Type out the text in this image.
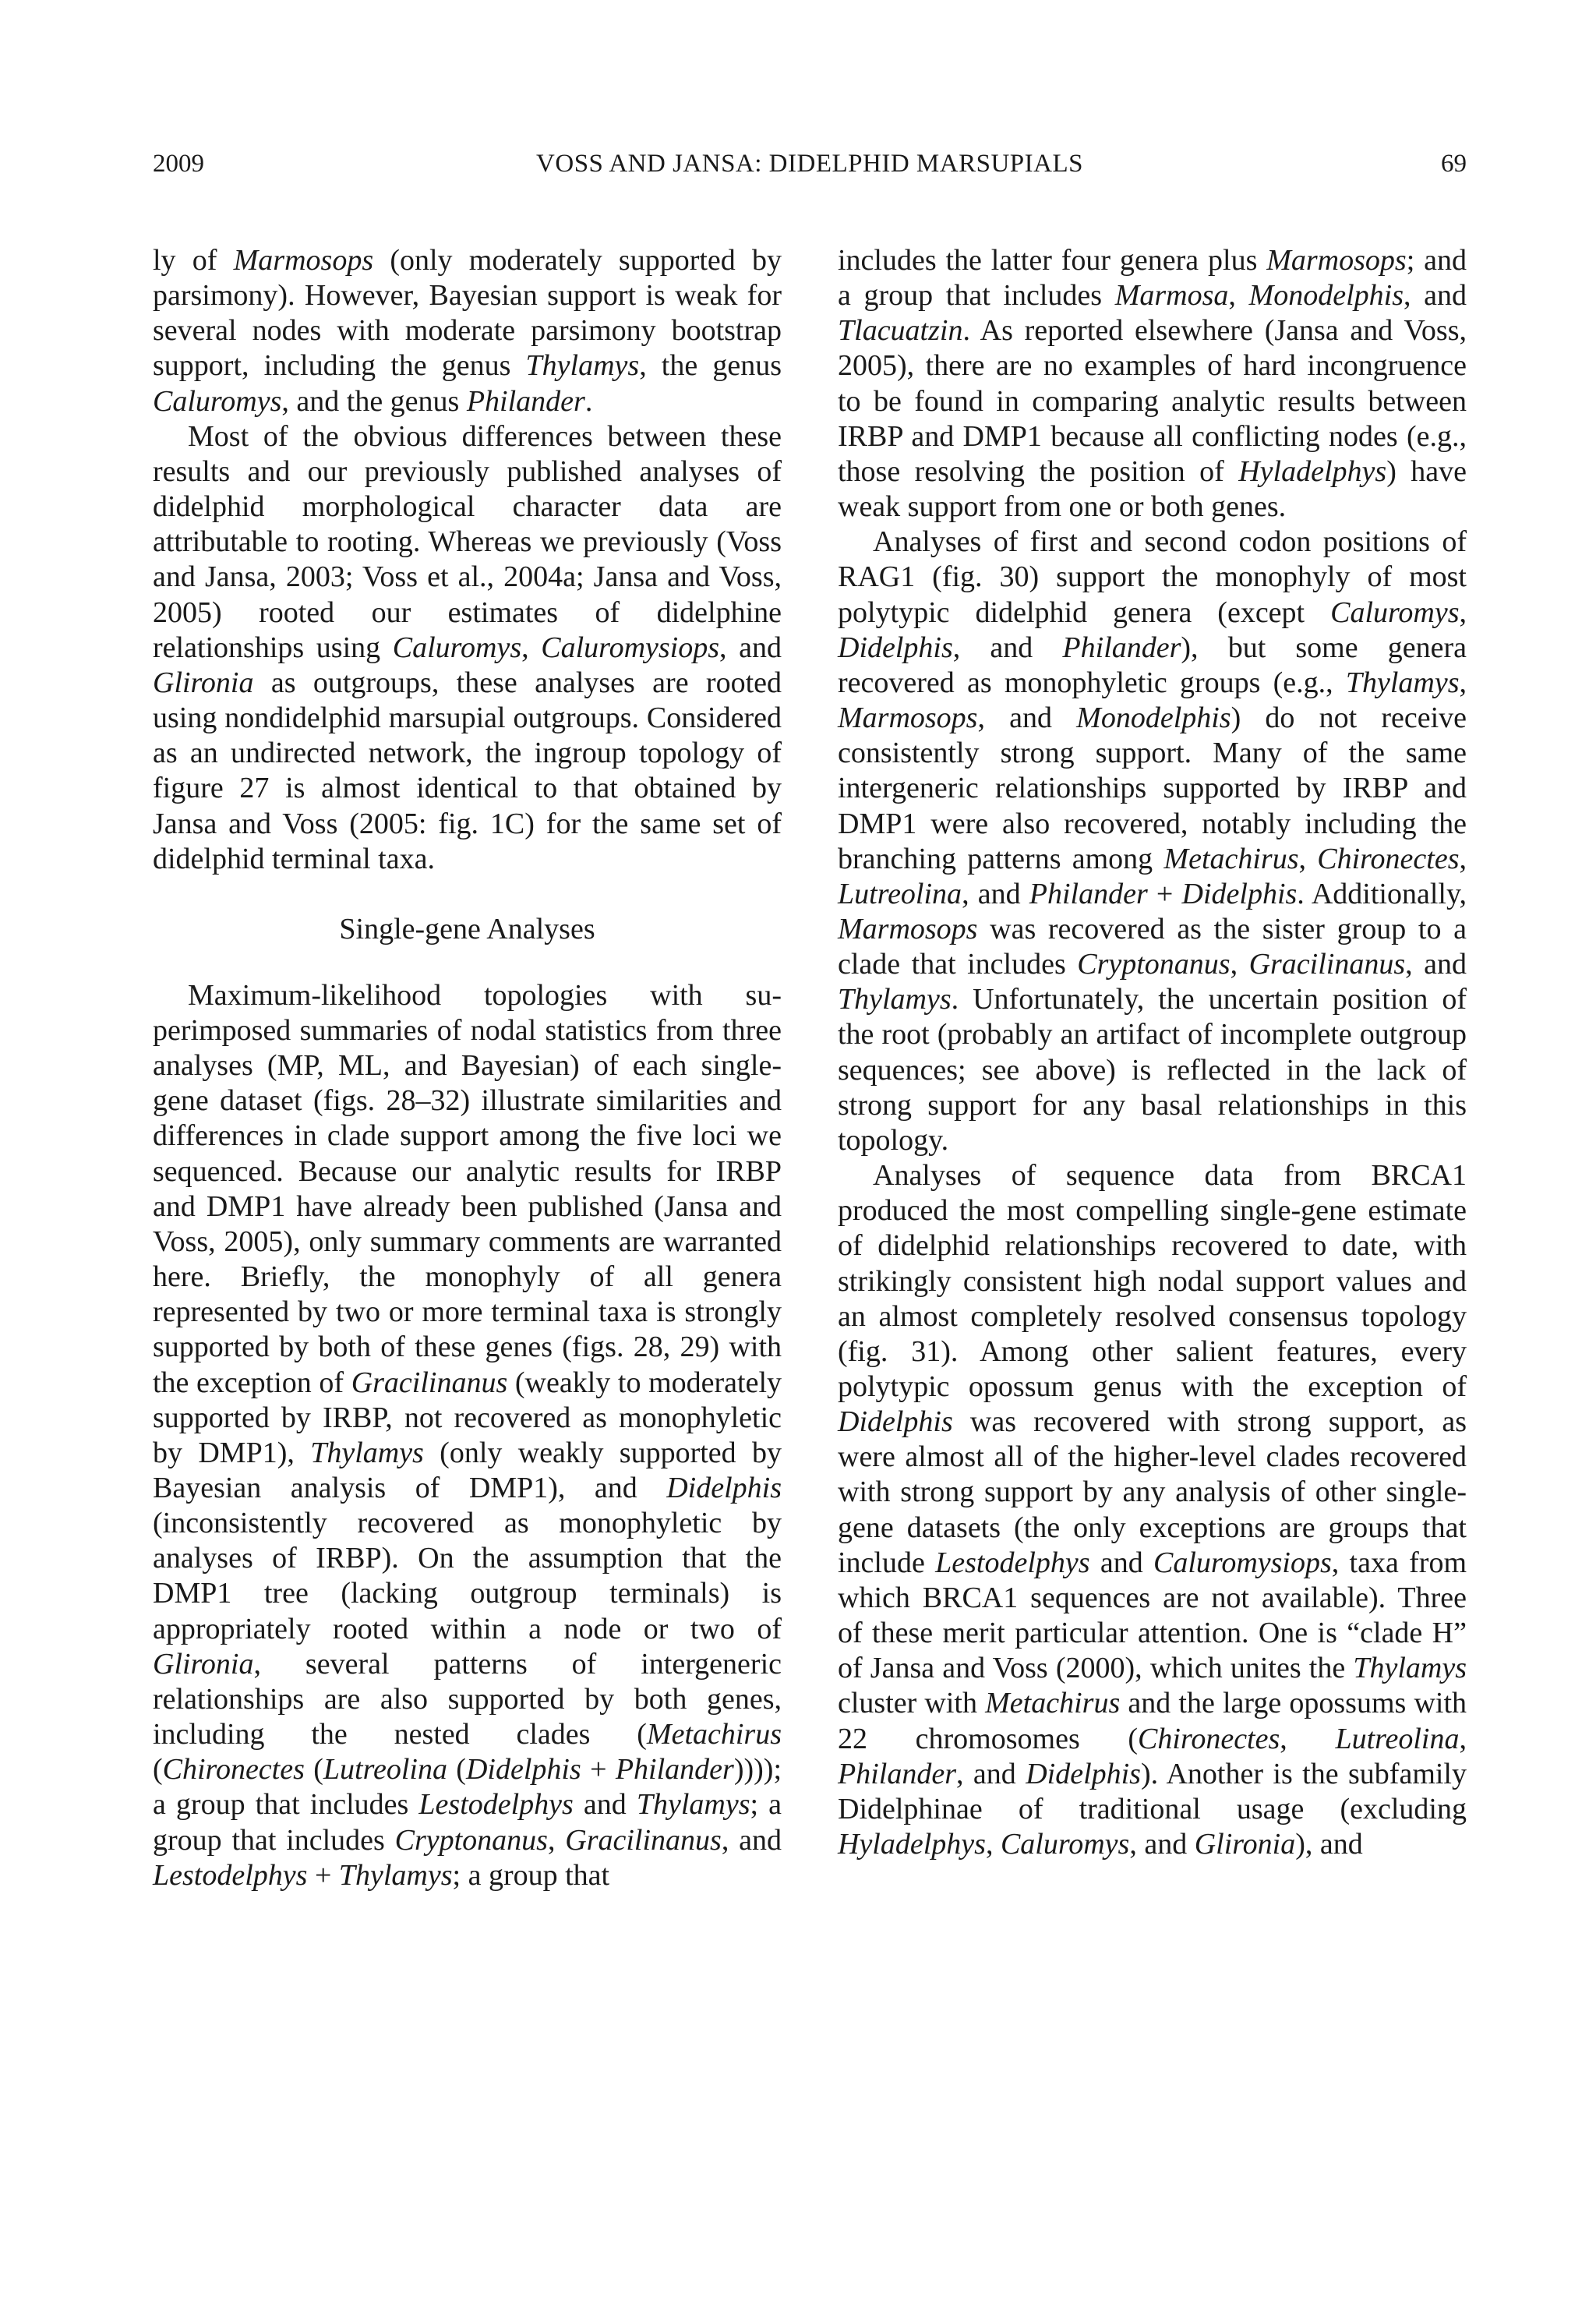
2009	VOSS AND JANSA: DIDELPHID MARSUPIALS	69

ly of Marmosops (only moderately supported by parsimony). However, Bayesian support is weak for several nodes with moderate parsimony bootstrap support, including the genus Thylamys, the genus Caluromys, and the genus Philander.

Most of the obvious differences between these results and our previously published analyses of didelphid morphological character data are attributable to rooting. Whereas we previously (Voss and Jansa, 2003; Voss et al., 2004a; Jansa and Voss, 2005) rooted our estimates of didelphine relationships using Caluromys, Caluromysiops, and Glironia as outgroups, these analyses are rooted using nondidelphid marsupial outgroups. Considered as an undirected network, the ingroup topology of figure 27 is almost identical to that obtained by Jansa and Voss (2005: fig. 1C) for the same set of didelphid terminal taxa.

Single-gene Analyses

Maximum-likelihood topologies with superimposed summaries of nodal statistics from three analyses (MP, ML, and Bayesian) of each single-gene dataset (figs. 28–32) illustrate similarities and differences in clade support among the five loci we sequenced. Because our analytic results for IRBP and DMP1 have already been published (Jansa and Voss, 2005), only summary comments are warranted here. Briefly, the monophyly of all genera represented by two or more terminal taxa is strongly supported by both of these genes (figs. 28, 29) with the exception of Gracilinanus (weakly to moderately supported by IRBP, not recovered as monophyletic by DMP1), Thylamys (only weakly supported by Bayesian analysis of DMP1), and Didelphis (inconsistently recovered as monophyletic by analyses of IRBP). On the assumption that the DMP1 tree (lacking outgroup terminals) is appropriately rooted within a node or two of Glironia, several patterns of intergeneric relationships are also supported by both genes, including the nested clades (Metachirus (Chironectes (Lutreolina (Didelphis + Philander)))); a group that includes Lestodelphys and Thylamys; a group that includes Cryptonanus, Gracilinanus, and Lestodelphys + Thylamys; a group that

includes the latter four genera plus Marmosops; and a group that includes Marmosa, Monodelphis, and Tlacuatzin. As reported elsewhere (Jansa and Voss, 2005), there are no examples of hard incongruence to be found in comparing analytic results between IRBP and DMP1 because all conflicting nodes (e.g., those resolving the position of Hyladelphys) have weak support from one or both genes.

Analyses of first and second codon positions of RAG1 (fig. 30) support the monophyly of most polytypic didelphid genera (except Caluromys, Didelphis, and Philander), but some genera recovered as monophyletic groups (e.g., Thylamys, Marmosops, and Monodelphis) do not receive consistently strong support. Many of the same intergeneric relationships supported by IRBP and DMP1 were also recovered, notably including the branching patterns among Metachirus, Chironectes, Lutreolina, and Philander + Didelphis. Additionally, Marmosops was recovered as the sister group to a clade that includes Cryptonanus, Gracilinanus, and Thylamys. Unfortunately, the uncertain position of the root (probably an artifact of incomplete outgroup sequences; see above) is reflected in the lack of strong support for any basal relationships in this topology.

Analyses of sequence data from BRCA1 produced the most compelling single-gene estimate of didelphid relationships recovered to date, with strikingly consistent high nodal support values and an almost completely resolved consensus topology (fig. 31). Among other salient features, every polytypic opossum genus with the exception of Didelphis was recovered with strong support, as were almost all of the higher-level clades recovered with strong support by any analysis of other single-gene datasets (the only exceptions are groups that include Lestodelphys and Caluromysiops, taxa from which BRCA1 sequences are not available). Three of these merit particular attention. One is “clade H” of Jansa and Voss (2000), which unites the Thylamys cluster with Metachirus and the large opossums with 22 chromosomes (Chironectes, Lutreolina, Philander, and Didelphis). Another is the subfamily Didelphinae of traditional usage (excluding Hyladelphys, Caluromys, and Glironia), and
